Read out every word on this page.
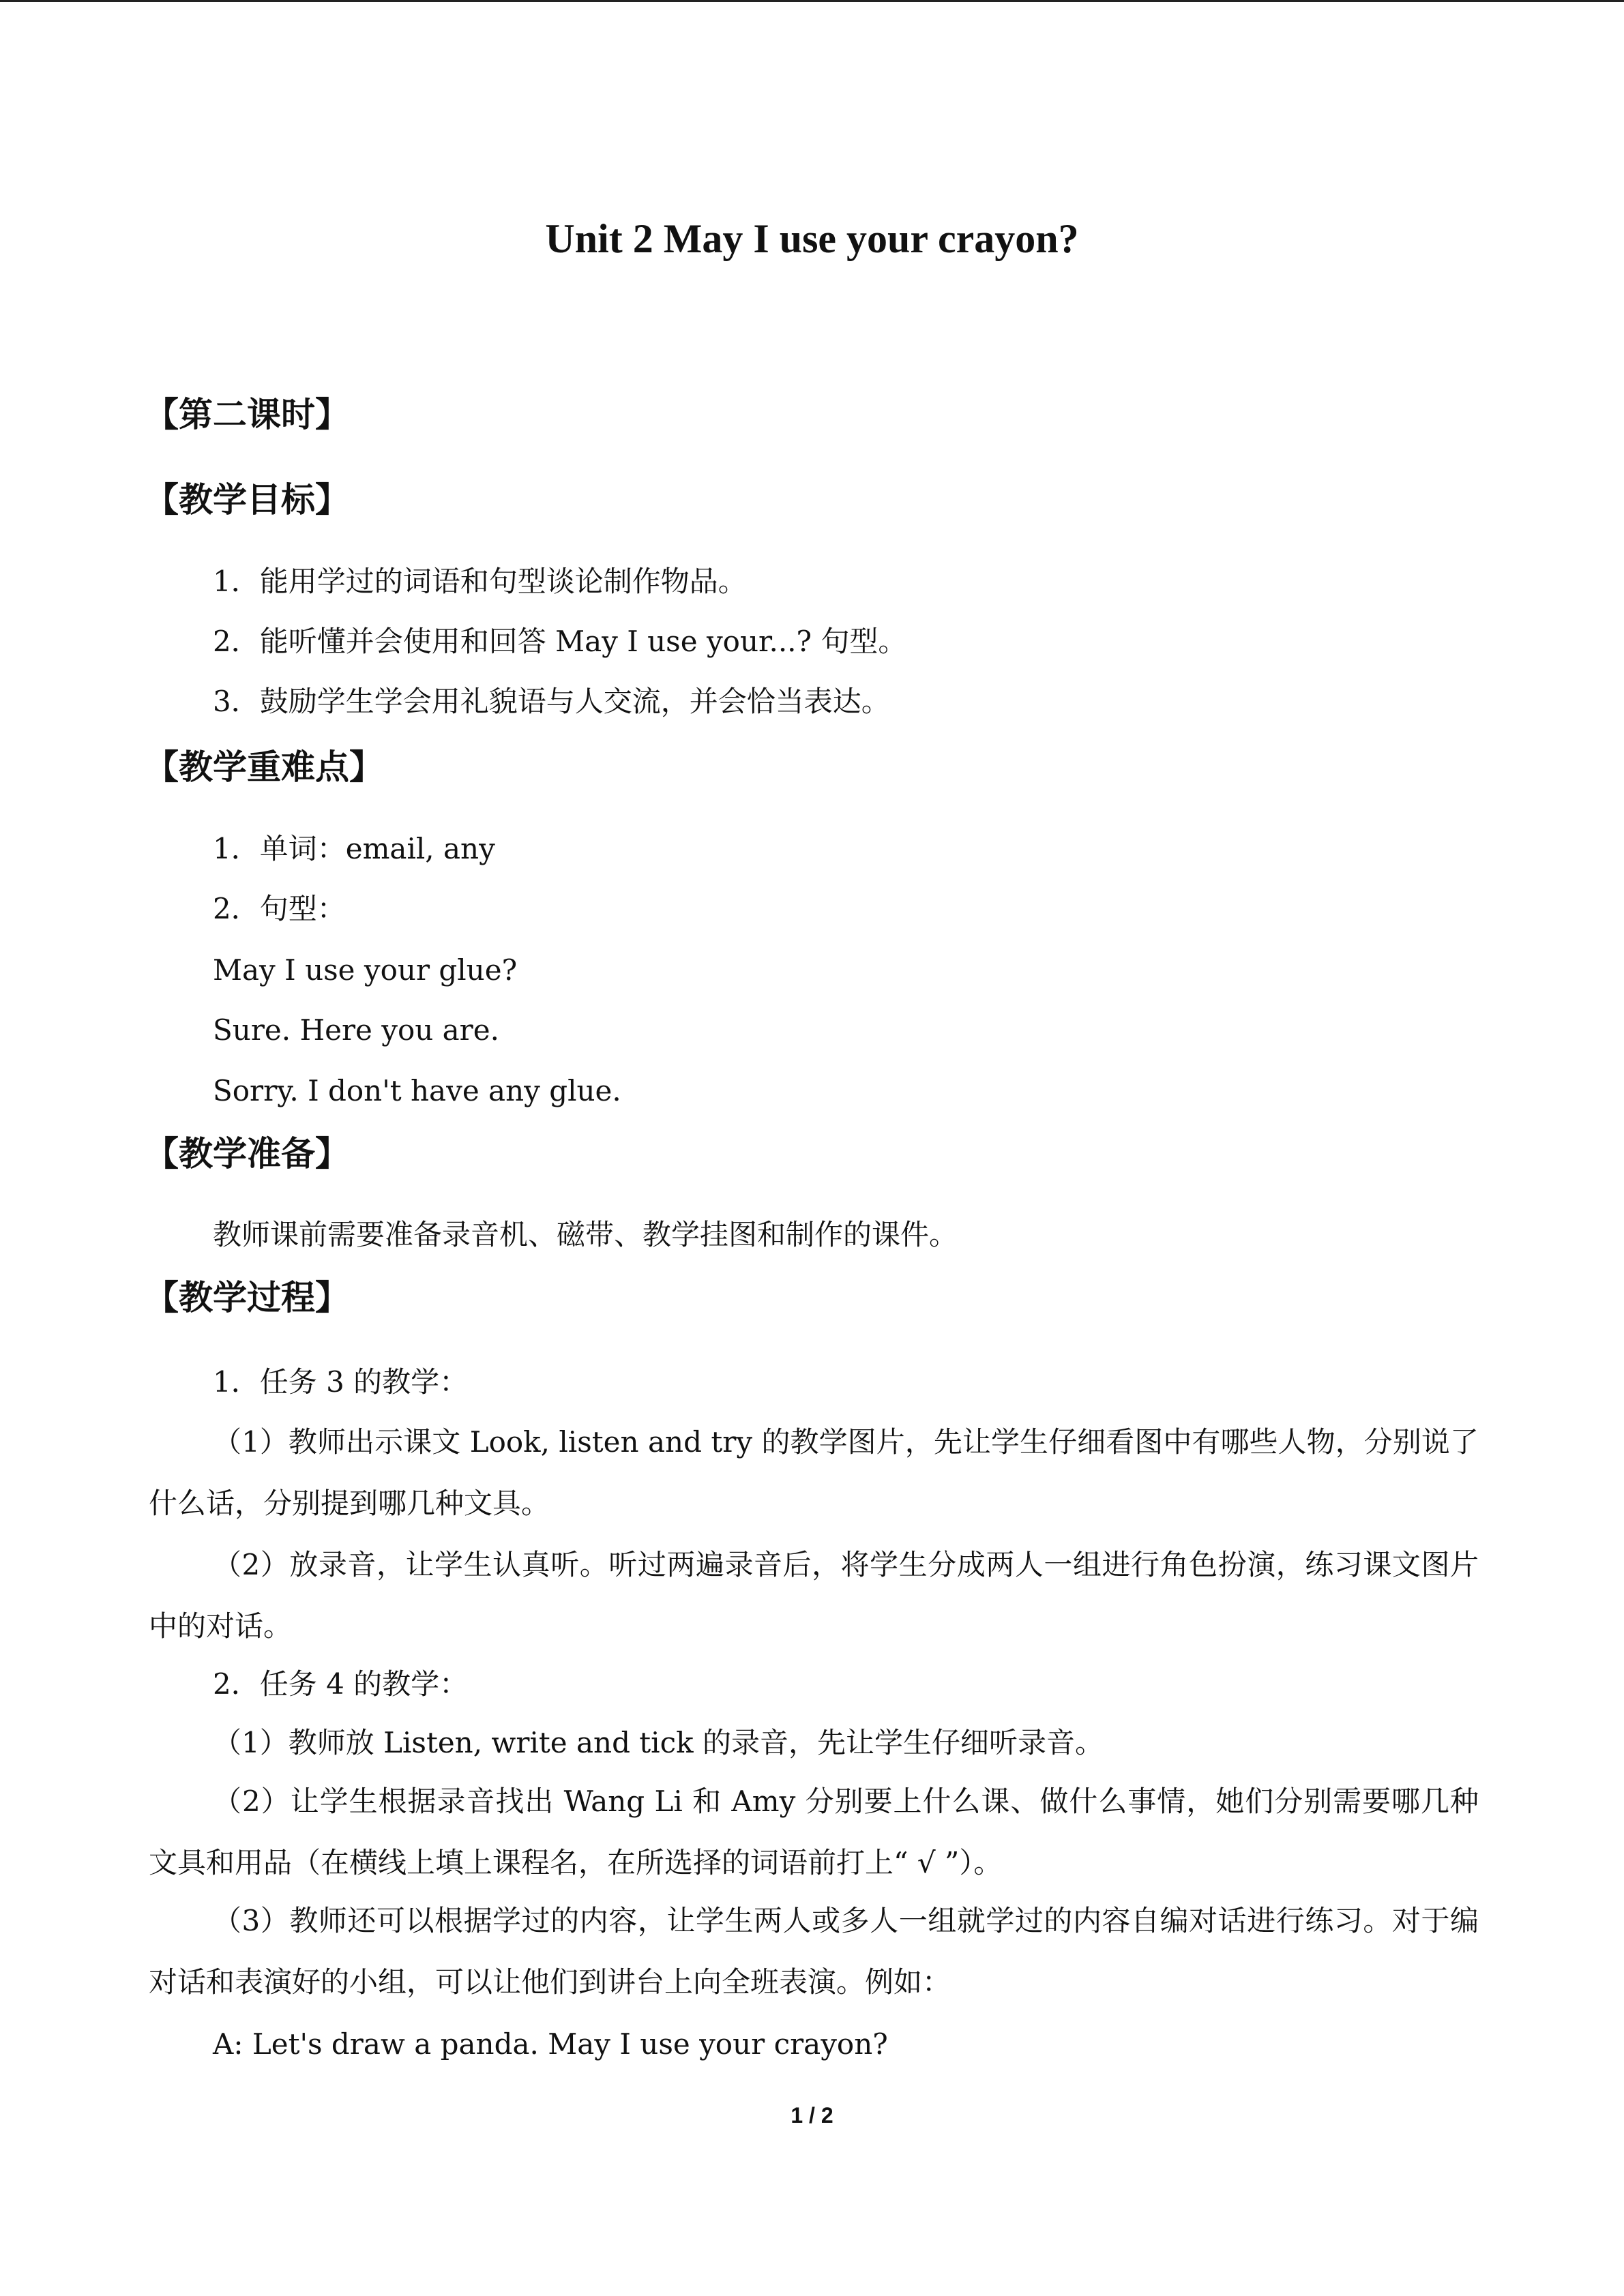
Unit 2 May I use your crayon?
【第二课时】
【教学目标】
1．能用学过的词语和句型谈论制作物品。
2．能听懂并会使用和回答 May I use your...? 句型。
3．鼓励学生学会用礼貌语与人交流，并会恰当表达。
【教学重难点】
1．单词：email, any
2．句型：
May I use your glue?
Sure. Here you are.
Sorry. I don't have any glue.
【教学准备】
教师课前需要准备录音机、磁带、教学挂图和制作的课件。
【教学过程】
1．任务 3 的教学：
（1）教师出示课文 Look, listen and try 的教学图片，先让学生仔细看图中有哪些人物，分别说了什么话，分别提到哪几种文具。
（2）放录音，让学生认真听。听过两遍录音后，将学生分成两人一组进行角色扮演，练习课文图片中的对话。
2．任务 4 的教学：
（1）教师放 Listen, write and tick 的录音，先让学生仔细听录音。
（2）让学生根据录音找出 Wang Li 和 Amy 分别要上什么课、做什么事情，她们分别需要哪几种文具和用品（在横线上填上课程名，在所选择的词语前打上“ √ ”）。
（3）教师还可以根据学过的内容，让学生两人或多人一组就学过的内容自编对话进行练习。对于编对话和表演好的小组，可以让他们到讲台上向全班表演。例如：
A: Let's draw a panda. May I use your crayon?
1 / 2
